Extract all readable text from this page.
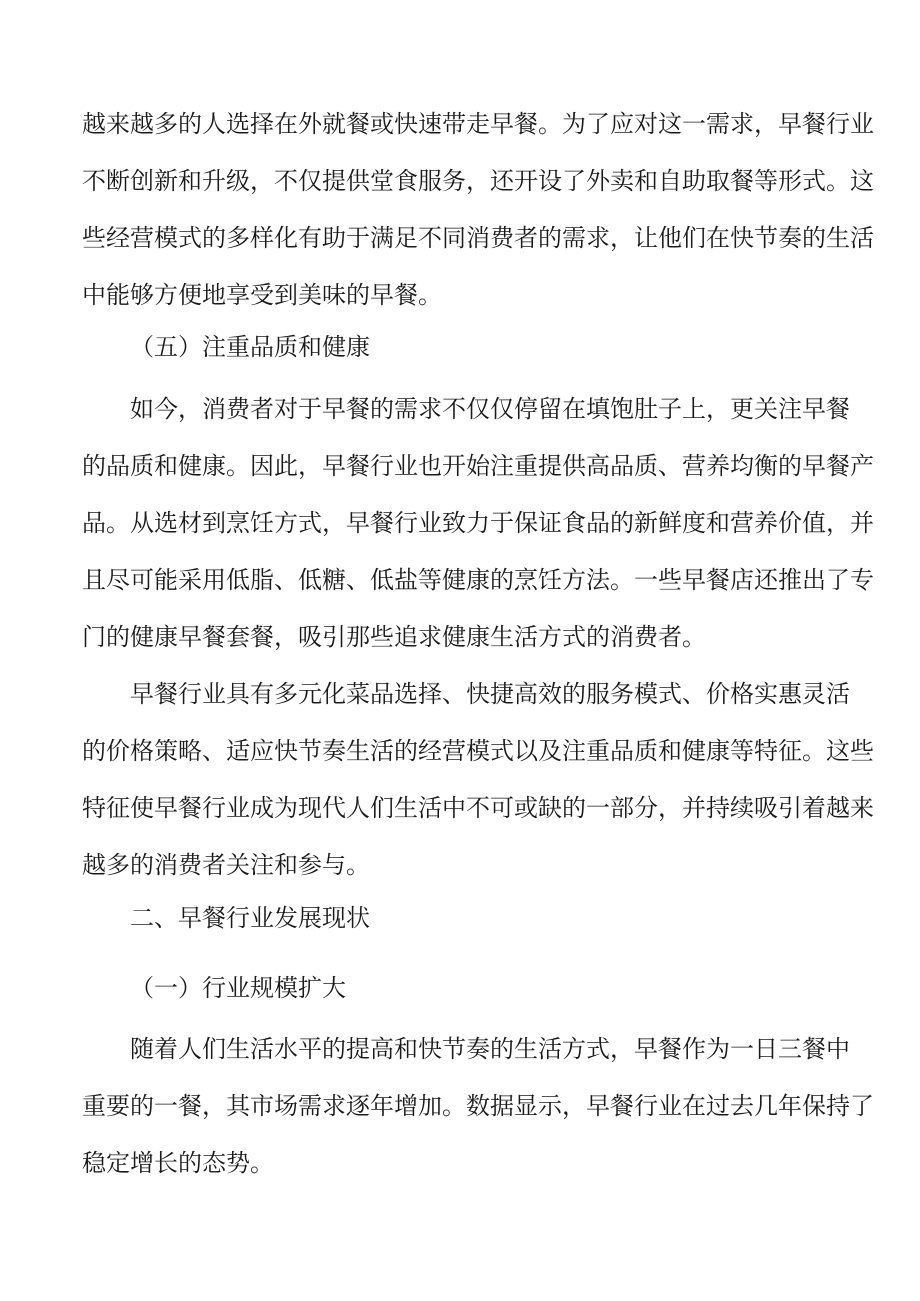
越来越多的人选择在外就餐或快速带走早餐。为了应对这一需求，早餐行业
不断创新和升级，不仅提供堂食服务，还开设了外卖和自助取餐等形式。这
些经营模式的多样化有助于满足不同消费者的需求，让他们在快节奏的生活
中能够方便地享受到美味的早餐。
（五）注重品质和健康
如今，消费者对于早餐的需求不仅仅停留在填饱肚子上，更关注早餐
的品质和健康。因此，早餐行业也开始注重提供高品质、营养均衡的早餐产
品。从选材到烹饪方式，早餐行业致力于保证食品的新鲜度和营养价值，并
且尽可能采用低脂、低糖、低盐等健康的烹饪方法。一些早餐店还推出了专
门的健康早餐套餐，吸引那些追求健康生活方式的消费者。
早餐行业具有多元化菜品选择、快捷高效的服务模式、价格实惠灵活
的价格策略、适应快节奏生活的经营模式以及注重品质和健康等特征。这些
特征使早餐行业成为现代人们生活中不可或缺的一部分，并持续吸引着越来
越多的消费者关注和参与。
二、早餐行业发展现状
（一）行业规模扩大
随着人们生活水平的提高和快节奏的生活方式，早餐作为一日三餐中
重要的一餐，其市场需求逐年增加。数据显示，早餐行业在过去几年保持了
稳定增长的态势。
